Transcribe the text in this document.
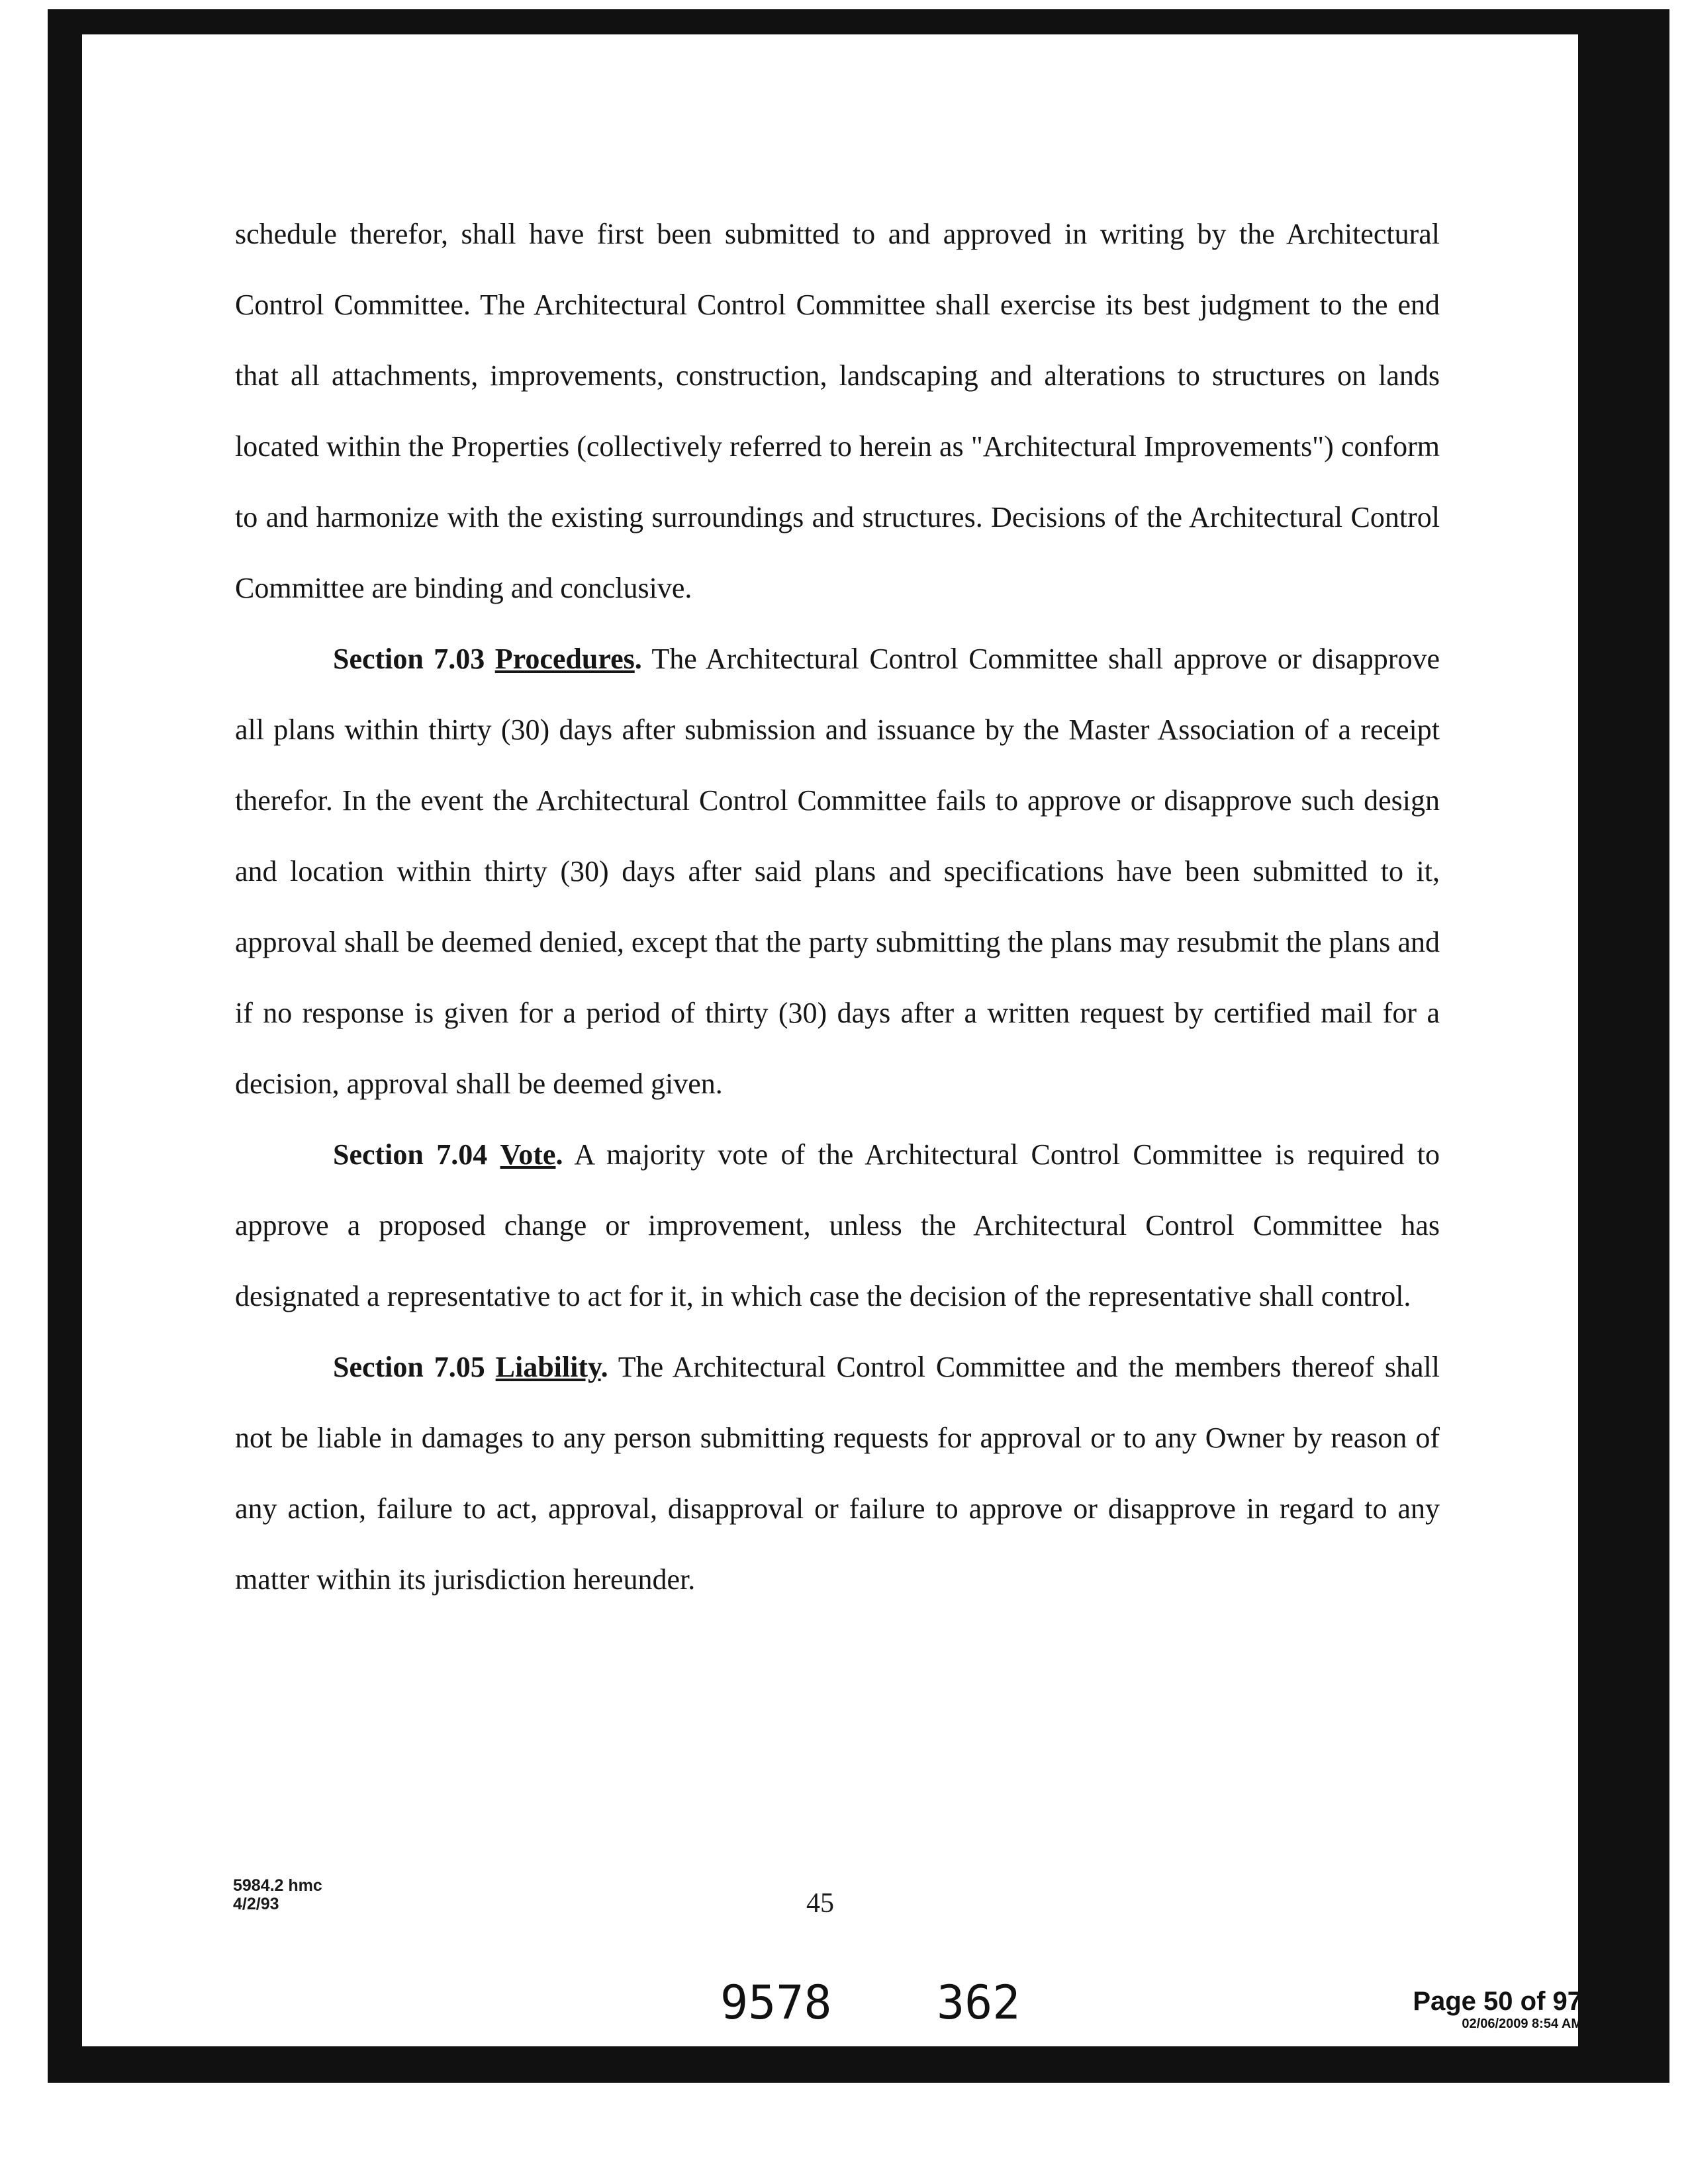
schedule therefor, shall have first been submitted to and approved in writing by the Architectural Control Committee. The Architectural Control Committee shall exercise its best judgment to the end that all attachments, improvements, construction, landscaping and alterations to structures on lands located within the Properties (collectively referred to herein as "Architectural Improvements") conform to and harmonize with the existing surroundings and structures. Decisions of the Architectural Control Committee are binding and conclusive.

Section 7.03 Procedures. The Architectural Control Committee shall approve or disapprove all plans within thirty (30) days after submission and issuance by the Master Association of a receipt therefor. In the event the Architectural Control Committee fails to approve or disapprove such design and location within thirty (30) days after said plans and specifications have been submitted to it, approval shall be deemed denied, except that the party submitting the plans may resubmit the plans and if no response is given for a period of thirty (30) days after a written request by certified mail for a decision, approval shall be deemed given.

Section 7.04 Vote. A majority vote of the Architectural Control Committee is required to approve a proposed change or improvement, unless the Architectural Control Committee has designated a representative to act for it, in which case the decision of the representative shall control.

Section 7.05 Liability. The Architectural Control Committee and the members thereof shall not be liable in damages to any person submitting requests for approval or to any Owner by reason of any action, failure to act, approval, disapproval or failure to approve or disapprove in regard to any matter within its jurisdiction hereunder.

5984.2 hmc
4/2/93	45
9578 362	Page 50 of 97
02/06/2009 8:54 AM
